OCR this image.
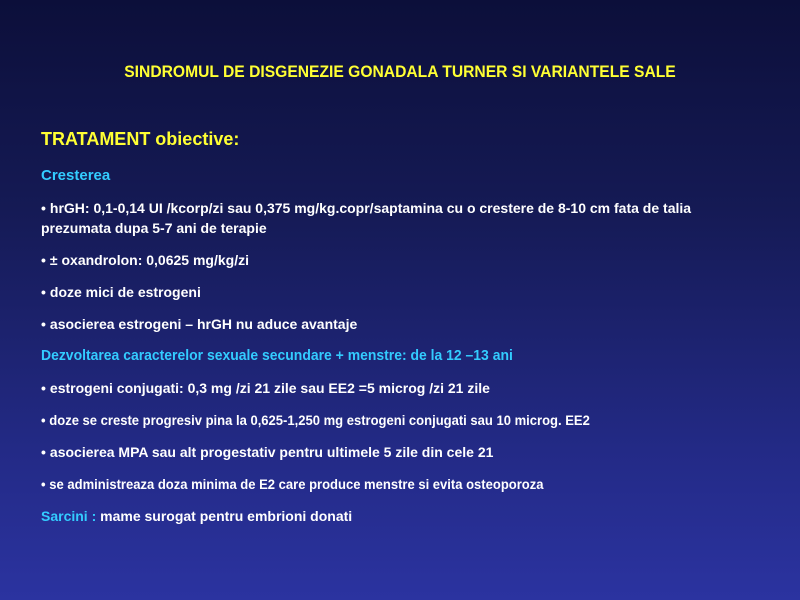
SINDROMUL DE DISGENEZIE GONADALA TURNER SI VARIANTELE SALE
TRATAMENT obiective:
Cresterea
• hrGH: 0,1-0,14 UI /kcorp/zi sau 0,375 mg/kg.copr/saptamina cu o crestere de 8-10 cm fata de talia prezumata dupa 5-7 ani de terapie
• ± oxandrolon: 0,0625 mg/kg/zi
• doze mici de estrogeni
• asocierea estrogeni – hrGH nu aduce avantaje
Dezvoltarea caracterelor sexuale secundare + menstre: de la 12 –13 ani
• estrogeni conjugati: 0,3 mg /zi 21 zile sau EE2 =5 microg /zi 21 zile
• doze se creste progresiv pina la 0,625-1,250 mg estrogeni conjugati sau 10 microg. EE2
• asocierea MPA sau alt progestativ pentru ultimele 5 zile din cele 21
• se administreaza doza minima de E2 care produce menstre si evita osteoporoza
Sarcini : mame surogat pentru embrioni donati
